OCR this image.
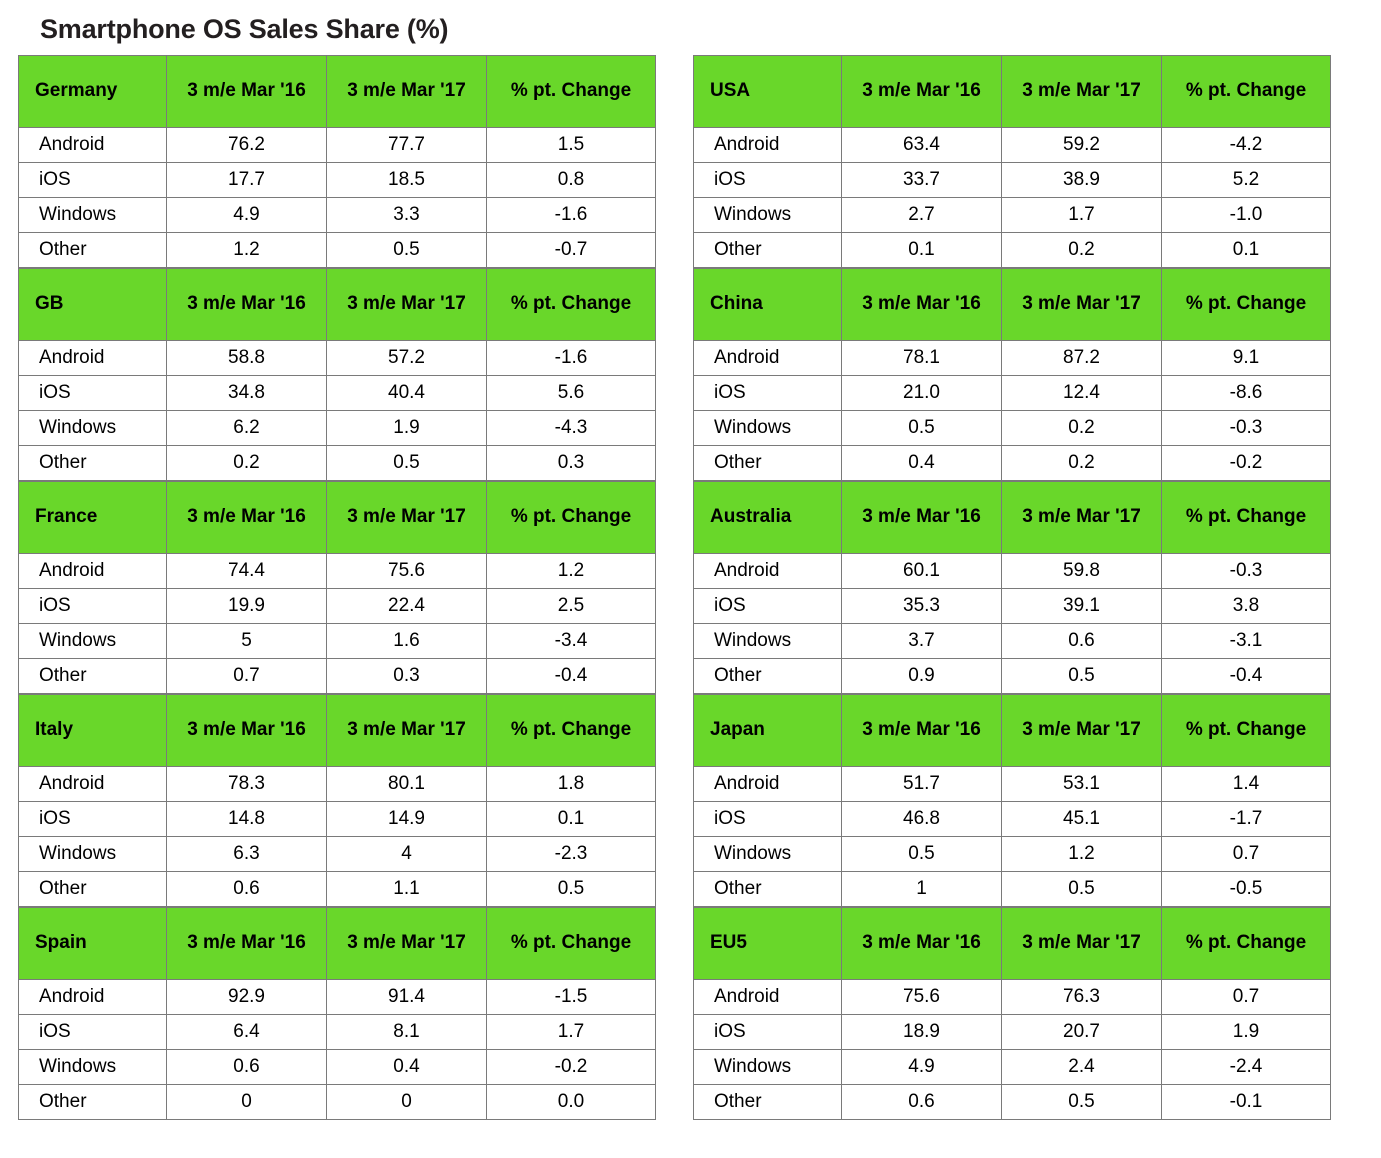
Smartphone OS Sales Share (%)
Germany	3 m/e Mar '16	3 m/e Mar '17	% pt. Change
Android	76.2	77.7	1.5
iOS	17.7	18.5	0.8
Windows	4.9	3.3	-1.6
Other	1.2	0.5	-0.7
GB	3 m/e Mar '16	3 m/e Mar '17	% pt. Change
Android	58.8	57.2	-1.6
iOS	34.8	40.4	5.6
Windows	6.2	1.9	-4.3
Other	0.2	0.5	0.3
France	3 m/e Mar '16	3 m/e Mar '17	% pt. Change
Android	74.4	75.6	1.2
iOS	19.9	22.4	2.5
Windows	5	1.6	-3.4
Other	0.7	0.3	-0.4
Italy	3 m/e Mar '16	3 m/e Mar '17	% pt. Change
Android	78.3	80.1	1.8
iOS	14.8	14.9	0.1
Windows	6.3	4	-2.3
Other	0.6	1.1	0.5
Spain	3 m/e Mar '16	3 m/e Mar '17	% pt. Change
Android	92.9	91.4	-1.5
iOS	6.4	8.1	1.7
Windows	0.6	0.4	-0.2
Other	0	0	0.0
USA	3 m/e Mar '16	3 m/e Mar '17	% pt. Change
Android	63.4	59.2	-4.2
iOS	33.7	38.9	5.2
Windows	2.7	1.7	-1.0
Other	0.1	0.2	0.1
China	3 m/e Mar '16	3 m/e Mar '17	% pt. Change
Android	78.1	87.2	9.1
iOS	21.0	12.4	-8.6
Windows	0.5	0.2	-0.3
Other	0.4	0.2	-0.2
Australia	3 m/e Mar '16	3 m/e Mar '17	% pt. Change
Android	60.1	59.8	-0.3
iOS	35.3	39.1	3.8
Windows	3.7	0.6	-3.1
Other	0.9	0.5	-0.4
Japan	3 m/e Mar '16	3 m/e Mar '17	% pt. Change
Android	51.7	53.1	1.4
iOS	46.8	45.1	-1.7
Windows	0.5	1.2	0.7
Other	1	0.5	-0.5
EU5	3 m/e Mar '16	3 m/e Mar '17	% pt. Change
Android	75.6	76.3	0.7
iOS	18.9	20.7	1.9
Windows	4.9	2.4	-2.4
Other	0.6	0.5	-0.1
